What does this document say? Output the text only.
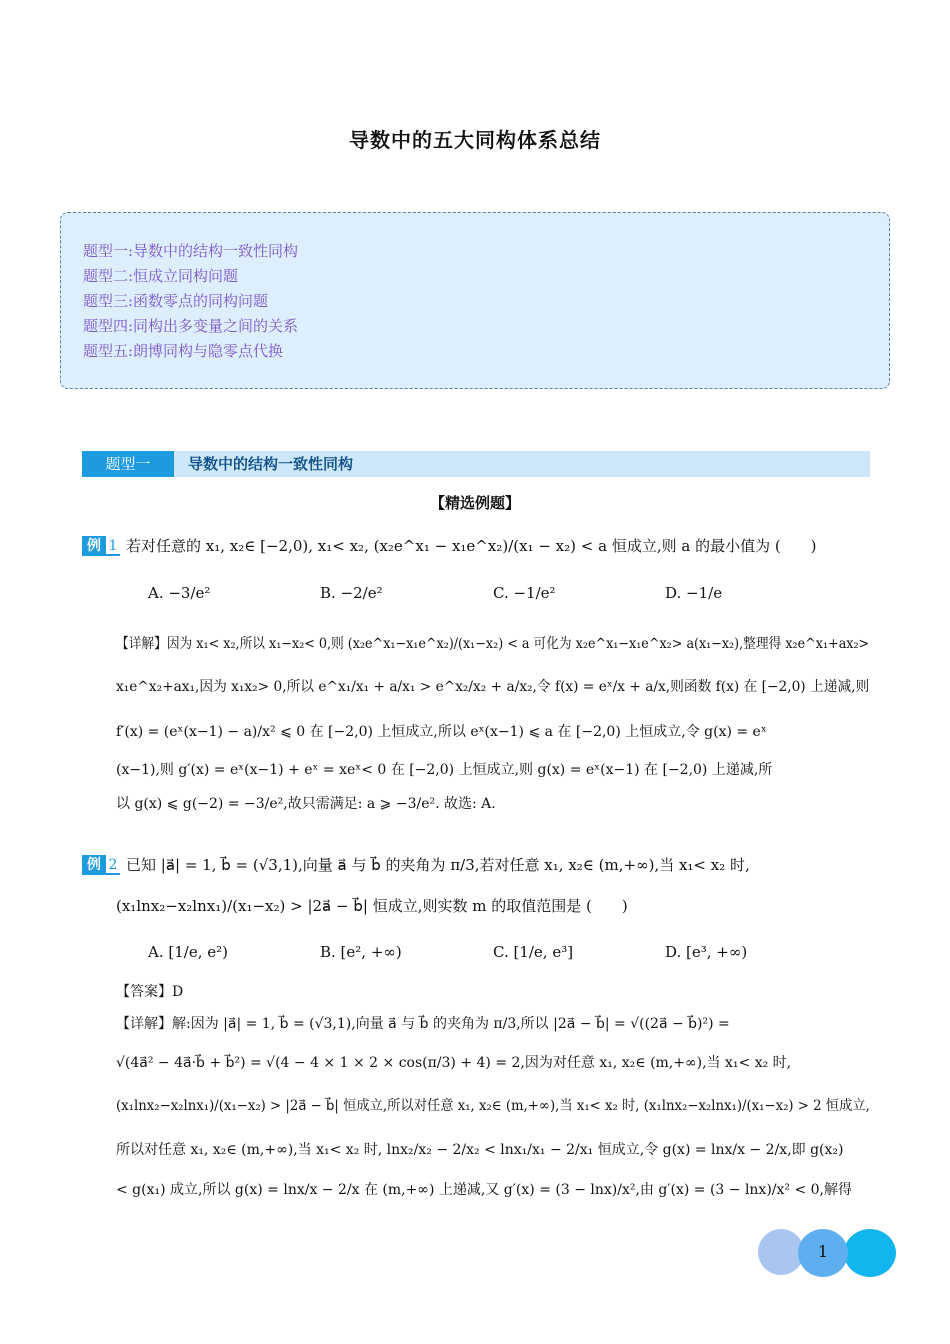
导数中的五大同构体系总结
题型一:导数中的结构一致性同构
题型二:恒成立同构问题
题型三:函数零点的同构问题
题型四:同构出多变量之间的关系
题型五:朗博同构与隐零点代换
题型一	导数中的结构一致性同构
【精选例题】
例 1 若对任意的 x₁, x₂∈ [−2,0), x₁< x₂, (x₂e^x₁ − x₁e^x₂)/(x₁ − x₂) < a 恒成立,则 a 的最小值为 (　　)
A. −3/e²	B. −2/e²	C. −1/e²	D. −1/e
【详解】因为 x₁< x₂,所以 x₁−x₂< 0,则 (x₂e^x₁−x₁e^x₂)/(x₁−x₂) < a 可化为 x₂e^x₁−x₁e^x₂> a(x₁−x₂),整理得 x₂e^x₁+ax₂>
x₁e^x₂+ax₁,因为 x₁x₂> 0,所以 e^x₁/x₁ + a/x₁ > e^x₂/x₂ + a/x₂,令 f(x) = eˣ/x + a/x,则函数 f(x) 在 [−2,0) 上递减,则
f′(x) = (eˣ(x−1) − a)/x² ⩽ 0 在 [−2,0) 上恒成立,所以 eˣ(x−1) ⩽ a 在 [−2,0) 上恒成立,令 g(x) = eˣ
(x−1),则 g′(x) = eˣ(x−1) + eˣ = xeˣ< 0 在 [−2,0) 上恒成立,则 g(x) = eˣ(x−1) 在 [−2,0) 上递减,所
以 g(x) ⩽ g(−2) = −3/e²,故只需满足: a ⩾ −3/e². 故选: A.
例 2 已知 |a⃗| = 1, b⃗ = (√3,1),向量 a⃗ 与 b⃗ 的夹角为 π/3,若对任意 x₁, x₂∈ (m,+∞),当 x₁< x₂ 时,
(x₁lnx₂−x₂lnx₁)/(x₁−x₂) > |2a⃗ − b⃗| 恒成立,则实数 m 的取值范围是 (　　)
A. [1/e, e²)	B. [e², +∞)	C. [1/e, e³]	D. [e³, +∞)
【答案】D
【详解】解:因为 |a⃗| = 1, b⃗ = (√3,1),向量 a⃗ 与 b⃗ 的夹角为 π/3,所以 |2a⃗ − b⃗| = √((2a⃗ − b⃗)²) =
√(4a⃗² − 4a⃗·b⃗ + b⃗²) = √(4 − 4 × 1 × 2 × cos(π/3) + 4) = 2,因为对任意 x₁, x₂∈ (m,+∞),当 x₁< x₂ 时,
(x₁lnx₂−x₂lnx₁)/(x₁−x₂) > |2a⃗ − b⃗| 恒成立,所以对任意 x₁, x₂∈ (m,+∞),当 x₁< x₂ 时, (x₁lnx₂−x₂lnx₁)/(x₁−x₂) > 2 恒成立,
所以对任意 x₁, x₂∈ (m,+∞),当 x₁< x₂ 时, lnx₂/x₂ − 2/x₂ < lnx₁/x₁ − 2/x₁ 恒成立,令 g(x) = lnx/x − 2/x,即 g(x₂)
< g(x₁) 成立,所以 g(x) = lnx/x − 2/x 在 (m,+∞) 上递减,又 g′(x) = (3 − lnx)/x²,由 g′(x) = (3 − lnx)/x² < 0,解得
1
